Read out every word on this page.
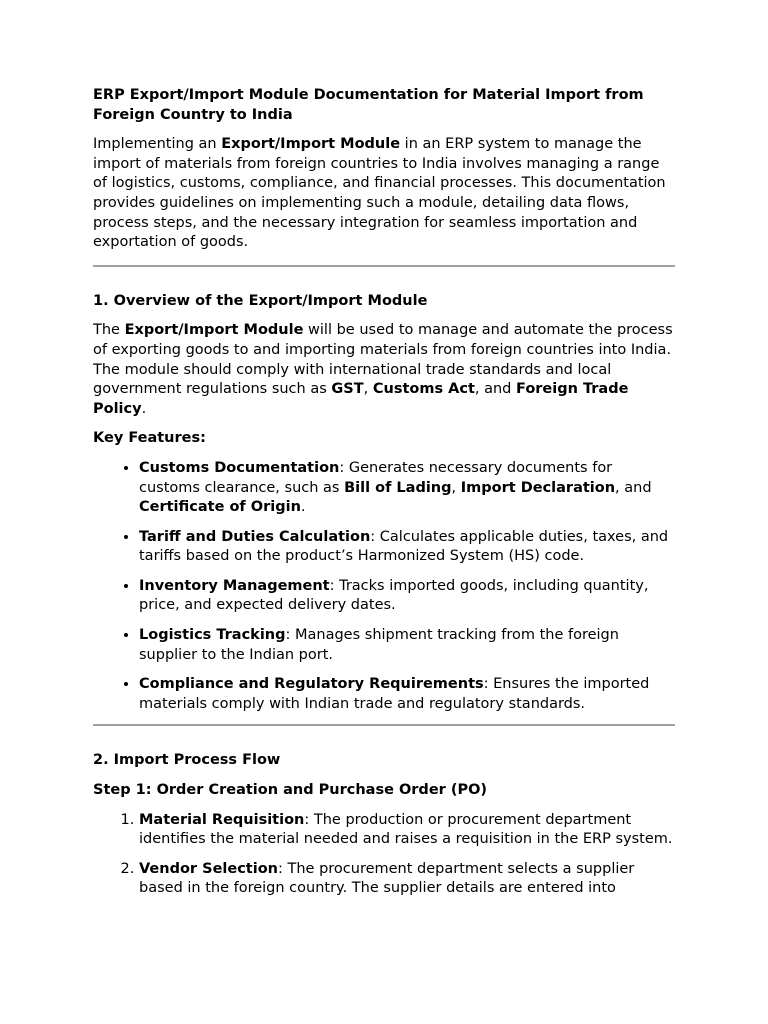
ERP Export/Import Module Documentation for Material Import from Foreign Country to India

Implementing an Export/Import Module in an ERP system to manage the import of materials from foreign countries to India involves managing a range of logistics, customs, compliance, and financial processes. This documentation provides guidelines on implementing such a module, detailing data flows, process steps, and the necessary integration for seamless importation and exportation of goods.

1. Overview of the Export/Import Module

The Export/Import Module will be used to manage and automate the process of exporting goods to and importing materials from foreign countries into India. The module should comply with international trade standards and local government regulations such as GST, Customs Act, and Foreign Trade Policy.

Key Features:

• Customs Documentation: Generates necessary documents for customs clearance, such as Bill of Lading, Import Declaration, and Certificate of Origin.
• Tariff and Duties Calculation: Calculates applicable duties, taxes, and tariffs based on the product’s Harmonized System (HS) code.
• Inventory Management: Tracks imported goods, including quantity, price, and expected delivery dates.
• Logistics Tracking: Manages shipment tracking from the foreign supplier to the Indian port.
• Compliance and Regulatory Requirements: Ensures the imported materials comply with Indian trade and regulatory standards.
2. Import Process Flow

Step 1: Order Creation and Purchase Order (PO)

1. Material Requisition: The production or procurement department identifies the material needed and raises a requisition in the ERP system.
2. Vendor Selection: The procurement department selects a supplier based in the foreign country. The supplier details are entered into
